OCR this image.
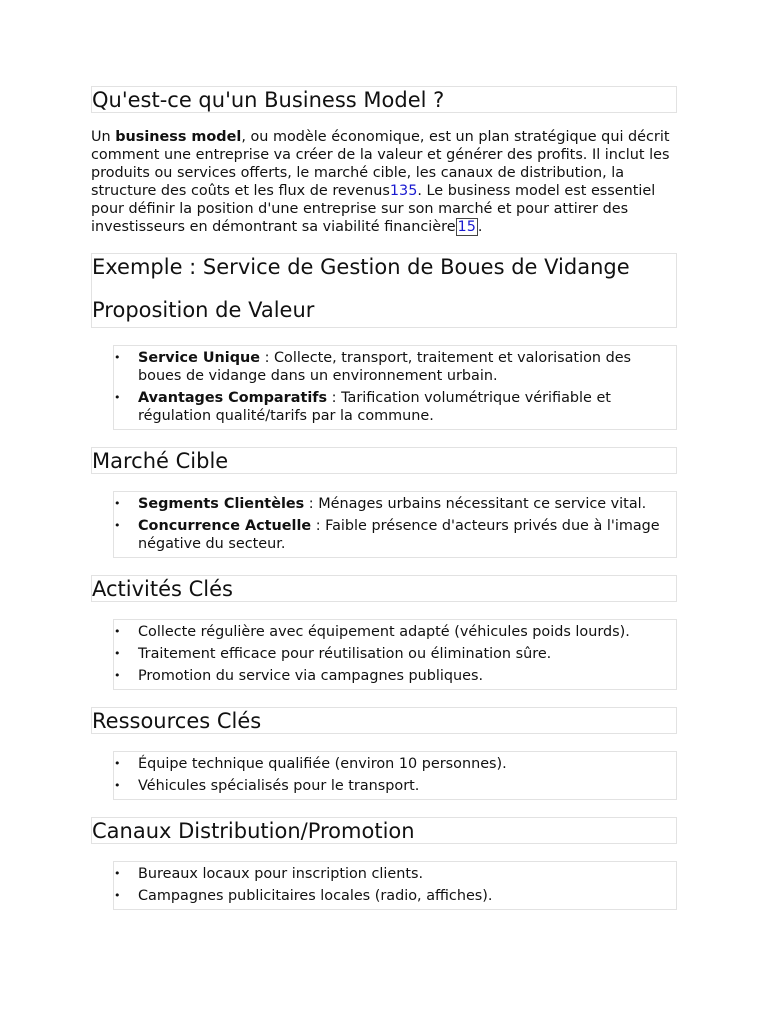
Qu'est-ce qu'un Business Model ?

Un business model, ou modèle économique, est un plan stratégique qui décrit comment une entreprise va créer de la valeur et générer des profits. Il inclut les produits ou services offerts, le marché cible, les canaux de distribution, la structure des coûts et les flux de revenus135. Le business model est essentiel pour définir la position d'une entreprise sur son marché et pour attirer des investisseurs en démontrant sa viabilité financière 15 .

Exemple : Service de Gestion de Boues de Vidange
Proposition de Valeur
• Service Unique : Collecte, transport, traitement et valorisation des boues de vidange dans un environnement urbain.
• Avantages Comparatifs : Tarification volumétrique vérifiable et régulation qualité/tarifs par la commune.
Marché Cible
• Segments Clientèles : Ménages urbains nécessitant ce service vital.
• Concurrence Actuelle : Faible présence d'acteurs privés due à l'image négative du secteur.
Activités Clés
• Collecte régulière avec équipement adapté (véhicules poids lourds).
• Traitement efficace pour réutilisation ou élimination sûre.
• Promotion du service via campagnes publiques.
Ressources Clés
• Équipe technique qualifiée (environ 10 personnes).
• Véhicules spécialisés pour le transport.
Canaux Distribution/Promotion
• Bureaux locaux pour inscription clients.
• Campagnes publicitaires locales (radio, affiches).
